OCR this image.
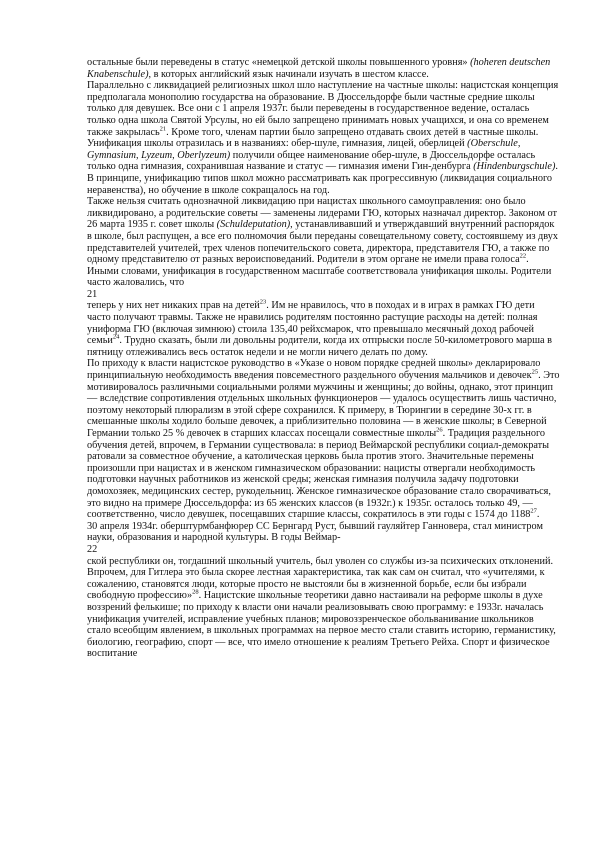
остальные были переведены в статус «немецкой детской школы повышенного уровня» (hoheren deutschen Knabenschule), в которых английский язык начинали изучать в шестом классе.

Параллельно с ликвидацией религиозных школ шло наступление на частные школы: нацистская концепция предполагала монополию государства на образование. В Дюссельдорфе были частные средние школы только для девушек. Все они с 1 апреля 1937г. были переведены в государственное ведение, осталась только одна школа Святой Урсулы, но ей было запрещено принимать новых учащихся, и она со временем также закрылась$^{21}$. Кроме того, членам партии было запрещено отдавать своих детей в частные школы.

Унификация школы отразилась и в названиях: обер-шуле, гимназия, лицей, оберлицей (Oberschule, Gymnasium, Lyzeum, Oberlyzeum) получили общее наименование обер-шуле, в Дюссельдорфе осталась только одна гимназия, сохранившая название и статус — гимназия имени Гин-денбурга (Hindenburgschule). В принципе, унификацию типов школ можно рассматривать как прогрессивную (ликвидация социального неравенства), но обучение в школе сокращалось на год.

Также нельзя считать однозначной ликвидацию при нацистах школьного самоуправления: оно было ликвидировано, а родительские советы — заменены лидерами ГЮ, которых назначал директор. Законом от 26 марта 1935 г. совет школы (Schuldeputation), устанавливавший и утверждавший внутренний распорядок в школе, был распущен, а все его полномочия были переданы совещательному совету, состоявшему из двух представителей учителей, трех членов попечительского совета, директора, представителя ГЮ, а также по одному представителю от разных вероисповеданий. Родители в этом органе не имели права голоса$^{22}$. Иными словами, унификация в государственном масштабе соответствовала унификация школы. Родители часто жаловались, что

21

теперь у них нет никаких прав на детей$^{23}$. Им не нравилось, что в походах и в играх в рамках ГЮ дети часто получают травмы. Также не нравились родителям постоянно растущие расходы на детей: полная униформа ГЮ (включая зимнюю) стоила 135,40 рейхсмарок, что превышало месячный доход рабочей семьи$^{24}$. Трудно сказать, были ли довольны родители, когда их отпрыски после 50-километрового марша в пятницу отлеживались весь остаток недели и не могли ничего делать по дому.

По приходу к власти нацистское руководство в «Указе о новом порядке средней школы» декларировало принципиальную необходимость введения повсеместного раздельного обучения мальчиков и девочек$^{25}$. Это мотивировалось различными социальными ролями мужчины и женщины; до войны, однако, этот принцип — вследствие сопротивления отдельных школьных функционеров — удалось осуществить лишь частично, поэтому некоторый плюрализм в этой сфере сохранился. К примеру, в Тюрингии в середине 30-х гг. в смешанные школы ходило больше девочек, а приблизительно половина — в женские школы; в Северной Германии только 25 % девочек в старших классах посещали совместные школы$^{26}$. Традиция раздельного обучения детей, впрочем, в Германии существовала: в период Веймарской республики социал-демократы ратовали за совместное обучение, а католическая церковь была против этого. Значительные перемены произошли при нацистах и в женском гимназическом образовании: нацисты отвергали необходимость подготовки научных работников из женской среды; женская гимназия получила задачу подготовки домохозяек, медицинских сестер, рукодельниц. Женское гимназическое образование стало сворачиваться, это видно на примере Дюссельдорфа: из 65 женских классов (в 1932г.) к 1935г. осталось только 49, — соответственно, число девушек, посещавших старшие классы, сократилось в эти годы с 1574 до 1188$^{27}$.

30 апреля 1934г. оберштурмбанфюрер СС Бернгард Руст, бывший гауляйтер Ганновера, стал министром науки, образования и народной культуры. В годы Веймар-

22

ской республики он, тогдашний школьный учитель, был уволен со службы из-за психических отклонений. Впрочем, для Гитлера это была скорее лестная характеристика, так как сам он считал, что «учителями, к сожалению, становятся люди, которые просто не выстояли бы в жизненной борьбе, если бы избрали свободную профессию»$^{28}$. Нацистские школьные теоретики давно настаивали на реформе школы в духе воззрений фелькише; по приходу к власти они начали реализовывать свою программу: е 1933г. началась унификация учителей, исправление учебных планов; мировоззренческое обольванивание школьников стало всеобщим явлением, в школьных программах на первое место стали ставить историю, германистику, биологию, географию, спорт — все, что имело отношение к реалиям Третьего Рейха. Спорт и физическое воспитание
